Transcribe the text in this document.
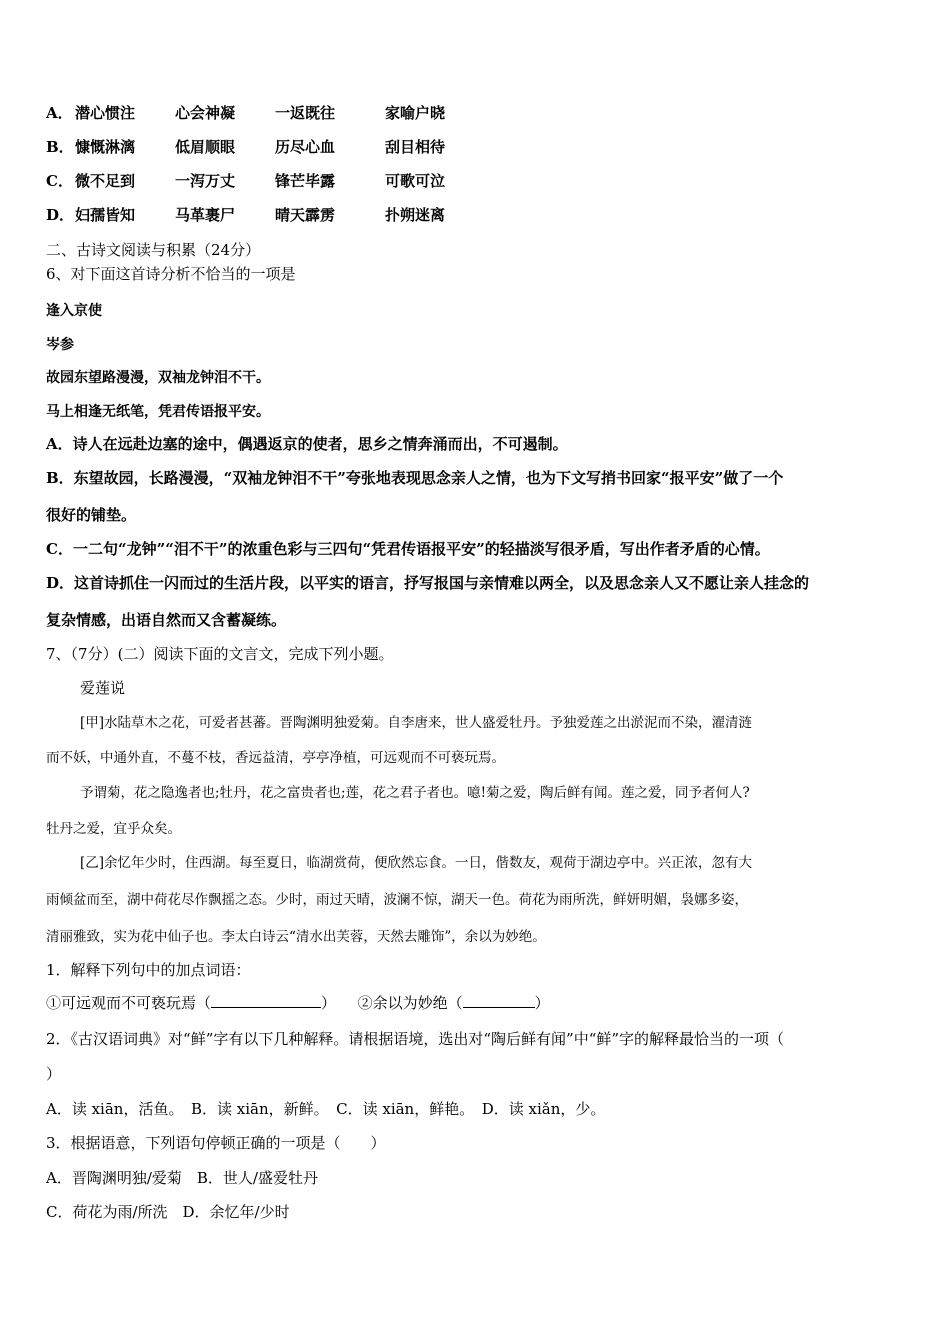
A． 潜心惯注	心会神凝	一返既往	家喻户晓
B． 慷慨淋漓	低眉顺眼	历尽心血	刮目相待
C． 微不足到	一泻万丈	锋芒毕露	可歌可泣
D． 妇孺皆知	马革裹尸	晴天霹雳	扑朔迷离
二、古诗文阅读与积累（24分）
6、对下面这首诗分析不恰当的一项是
逢入京使
岑参
故园东望路漫漫，双袖龙钟泪不干。
马上相逢无纸笔，凭君传语报平安。
A．诗人在远赴边塞的途中，偶遇返京的使者，思乡之情奔涌而出，不可遏制。
B．东望故园，长路漫漫，“双袖龙钟泪不干”夸张地表现思念亲人之情，也为下文写捎书回家“报平安”做了一个
很好的铺垫。
C．一二句“龙钟”“泪不干”的浓重色彩与三四句“凭君传语报平安”的轻描淡写很矛盾，写出作者矛盾的心情。
D．这首诗抓住一闪而过的生活片段，以平实的语言，抒写报国与亲情难以两全，以及思念亲人又不愿让亲人挂念的
复杂情感，出语自然而又含蓄凝练。
7、（7分）(二）阅读下面的文言文，完成下列小题。
爱莲说
[甲]水陆草木之花，可爱者甚蕃。晋陶渊明独爱菊。自李唐来，世人盛爱牡丹。予独爱莲之出淤泥而不染，濯清涟
而不妖，中通外直，不蔓不枝，香远益清，亭亭净植，可远观而不可亵玩焉。
予谓菊，花之隐逸者也;牡丹，花之富贵者也;莲，花之君子者也。噫!菊之爱，陶后鲜有闻。莲之爱，同予者何人?
牡丹之爱，宜乎众矣。
[乙]余忆年少时，住西湖。每至夏日，临湖赏荷，便欣然忘食。一日，偕数友，观荷于湖边亭中。兴正浓，忽有大
雨倾盆而至，湖中荷花尽作飘摇之态。少时，雨过天晴，波澜不惊，湖天一色。荷花为雨所洗，鲜妍明媚，袅娜多姿，
清丽雅致，实为花中仙子也。李太白诗云“清水出芙蓉，天然去雕饰”，余以为妙绝。
1．解释下列句中的加点词语：
①可远观而不可亵玩焉（	） ②余以为妙绝（	）
2．《古汉语词典》对“鲜”字有以下几种解释。请根据语境，选出对“陶后鲜有闻”中“鲜”字的解释最恰当的一项（
）
A．读 xiān，活鱼。　B．读 xiān，新鲜。　C．读 xiān，鲜艳。　D．读 xiǎn，少。
3．根据语意，下列语句停顿正确的一项是（　　）
A．晋陶渊明独/爱菊　B．世人/盛爱牡丹
C．荷花为雨/所洗　D．余忆年/少时
